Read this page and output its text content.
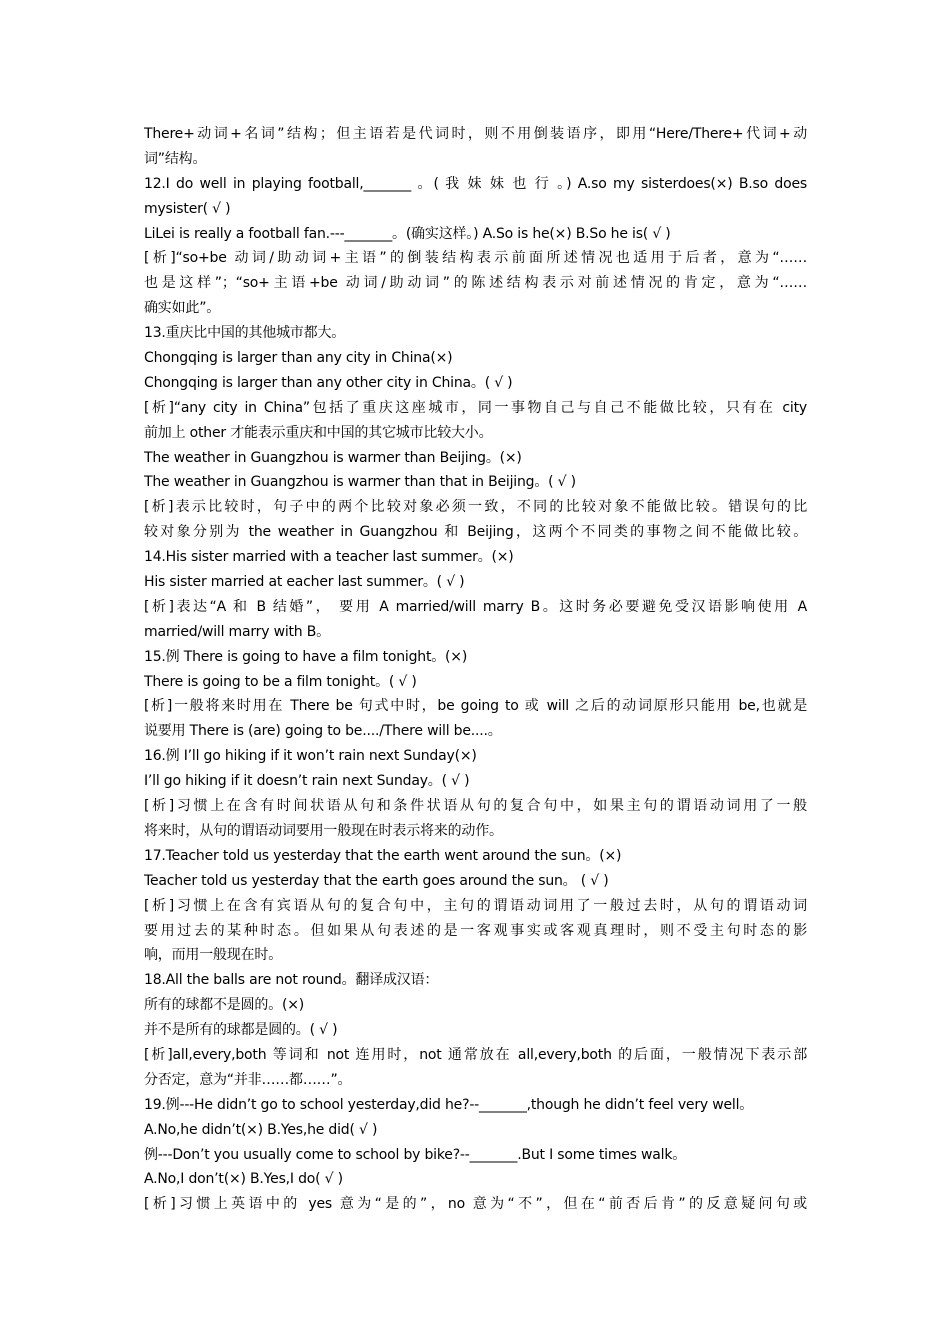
There+动词+名词”结构；但主语若是代词时，则不用倒装语序，即用“Here/There+代词+动
词”结构。
12.I do well in playing football,_______ 。( 我 妹 妹 也 行 。) A.so my sisterdoes(×) B.so does
mysister( √ )
LiLei is really a football fan.---_______。(确实这样。) A.So is he(×) B.So he is( √ )
[析]“so+be 动词/助动词+主语”的倒装结构表示前面所述情况也适用于后者，意为“……
也是这样”；“so+主语+be 动词/助动词”的陈述结构表示对前述情况的肯定，意为“……
确实如此”。
13.重庆比中国的其他城市都大。
Chongqing is larger than any city in China(×)
Chongqing is larger than any other city in China。( √ )
[析]“any city in China”包括了重庆这座城市，同一事物自己与自己不能做比较，只有在 city
前加上 other 才能表示重庆和中国的其它城市比较大小。
The weather in Guangzhou is warmer than Beijing。(×)
The weather in Guangzhou is warmer than that in Beijing。( √ )
[析]表示比较时，句子中的两个比较对象必须一致，不同的比较对象不能做比较。错误句的比
较对象分别为 the weather in Guangzhou 和 Beijing，这两个不同类的事物之间不能做比较。
14.His sister married with a teacher last summer。(×)
His sister married at eacher last summer。( √ )
[析]表达“A 和 B 结婚”， 要用 A married/will marry B。这时务必要避免受汉语影响使用 A
married/will marry with B。
15.例 There is going to have a film tonight。(×)
There is going to be a film tonight。( √ )
[析]一般将来时用在 There be 句式中时，be going to 或 will 之后的动词原形只能用 be,也就是
说要用 There is (are) going to be..../There will be....。
16.例 I’ll go hiking if it won’t rain next Sunday(×)
I’ll go hiking if it doesn’t rain next Sunday。( √ )
[析]习惯上在含有时间状语从句和条件状语从句的复合句中，如果主句的谓语动词用了一般
将来时，从句的谓语动词要用一般现在时表示将来的动作。
17.Teacher told us yesterday that the earth went around the sun。(×)
Teacher told us yesterday that the earth goes around the sun。 ( √ )
[析]习惯上在含有宾语从句的复合句中，主句的谓语动词用了一般过去时，从句的谓语动词
要用过去的某种时态。但如果从句表述的是一客观事实或客观真理时，则不受主句时态的影
响，而用一般现在时。
18.All the balls are not round。翻译成汉语：
所有的球都不是圆的。(×)
并不是所有的球都是圆的。( √ )
[析]all,every,both 等词和 not 连用时，not 通常放在 all,every,both 的后面，一般情况下表示部
分否定，意为“并非……都……”。
19.例---He didn’t go to school yesterday,did he?--_______,though he didn’t feel very well。
A.No,he didn’t(×) B.Yes,he did( √ )
例---Don’t you usually come to school by bike?--_______.But I some times walk。
A.No,I don’t(×) B.Yes,I do( √ )
[析]习惯上英语中的 yes 意为“是的”，no 意为“不”，但在“前否后肯”的反意疑问句或
